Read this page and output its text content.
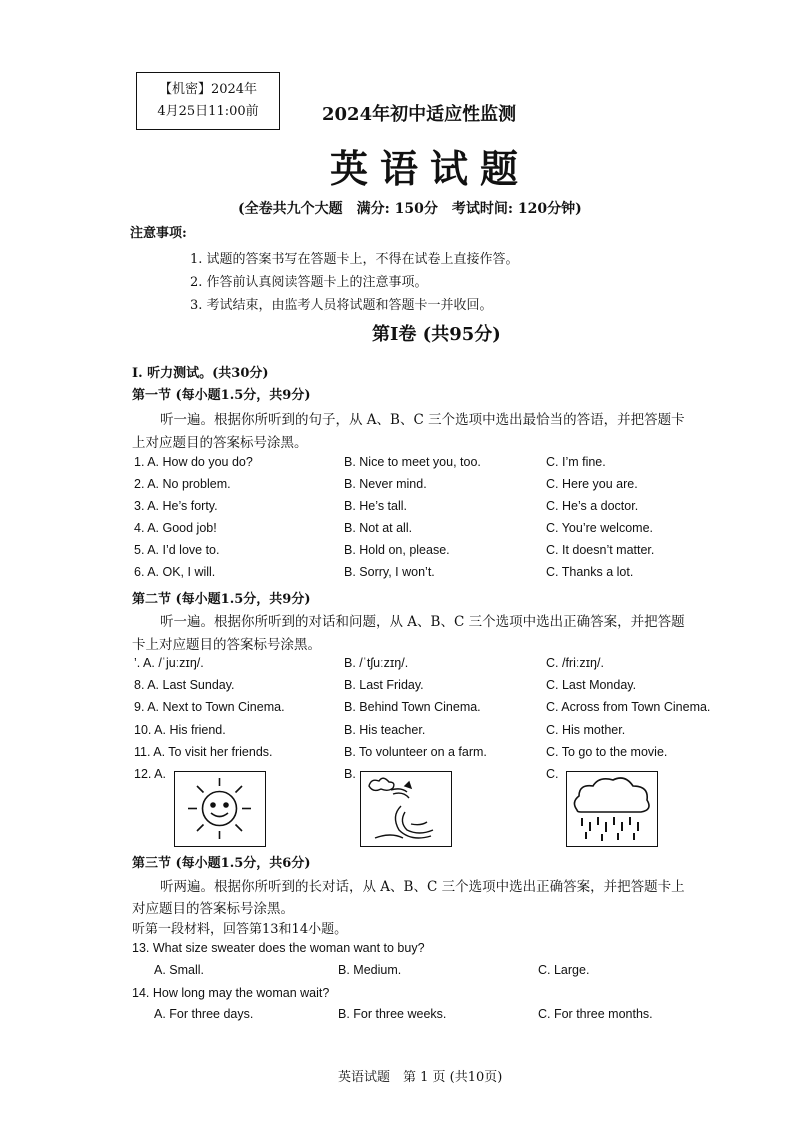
【机密】2024年
4月25日11:00前	2024年初中适应性监测
英语试题
(全卷共九个大题　满分: 150分　考试时间: 120分钟)
注意事项:
1. 试题的答案书写在答题卡上，不得在试卷上直接作答。
2. 作答前认真阅读答题卡上的注意事项。
3. 考试结束，由监考人员将试题和答题卡一并收回。
第I卷 (共95分)
I. 听力测试。(共30分)
第一节 (每小题1.5分，共9分)
听一遍。根据你所听到的句子，从 A、B、C 三个选项中选出最恰当的答语，并把答题卡
上对应题目的答案标号涂黑。
1. A. How do you do?	B. Nice to meet you, too.	C. I’m fine.
2. A. No problem.	B. Never mind.	C. Here you are.
3. A. He’s forty.	B. He’s tall.	C. He’s a doctor.
4. A. Good job!	B. Not at all.	C. You’re welcome.
5. A. I’d love to.	B. Hold on, please.	C. It doesn’t matter.
6. A. OK, I will.	B. Sorry, I won’t.	C. Thanks a lot.
第二节 (每小题1.5分，共9分)
听一遍。根据你所听到的对话和问题，从 A、B、C 三个选项中选出正确答案，并把答题
卡上对应题目的答案标号涂黑。
’. A. /ˈjuːzɪŋ/.	B. /ˈtʃuːzɪŋ/.	C. /friːzɪŋ/.
8. A. Last Sunday.	B. Last Friday.	C. Last Monday.
9. A. Next to Town Cinema.	B. Behind Town Cinema.	C. Across from Town Cinema.
10. A. His friend.	B. His teacher.	C. His mother.
11. A. To visit her friends.	B. To volunteer on a farm.	C. To go to the movie.
12. A.	B.	C.
第三节 (每小题1.5分，共6分)
听两遍。根据你所听到的长对话，从 A、B、C 三个选项中选出正确答案，并把答题卡上
对应题目的答案标号涂黑。
听第一段材料，回答第13和14小题。
13. What size sweater does the woman want to buy?
A. Small.	B. Medium.	C. Large.
14. How long may the woman wait?
A. For three days.	B. For three weeks.	C. For three months.
英语试题　第 1 页 (共10页)
